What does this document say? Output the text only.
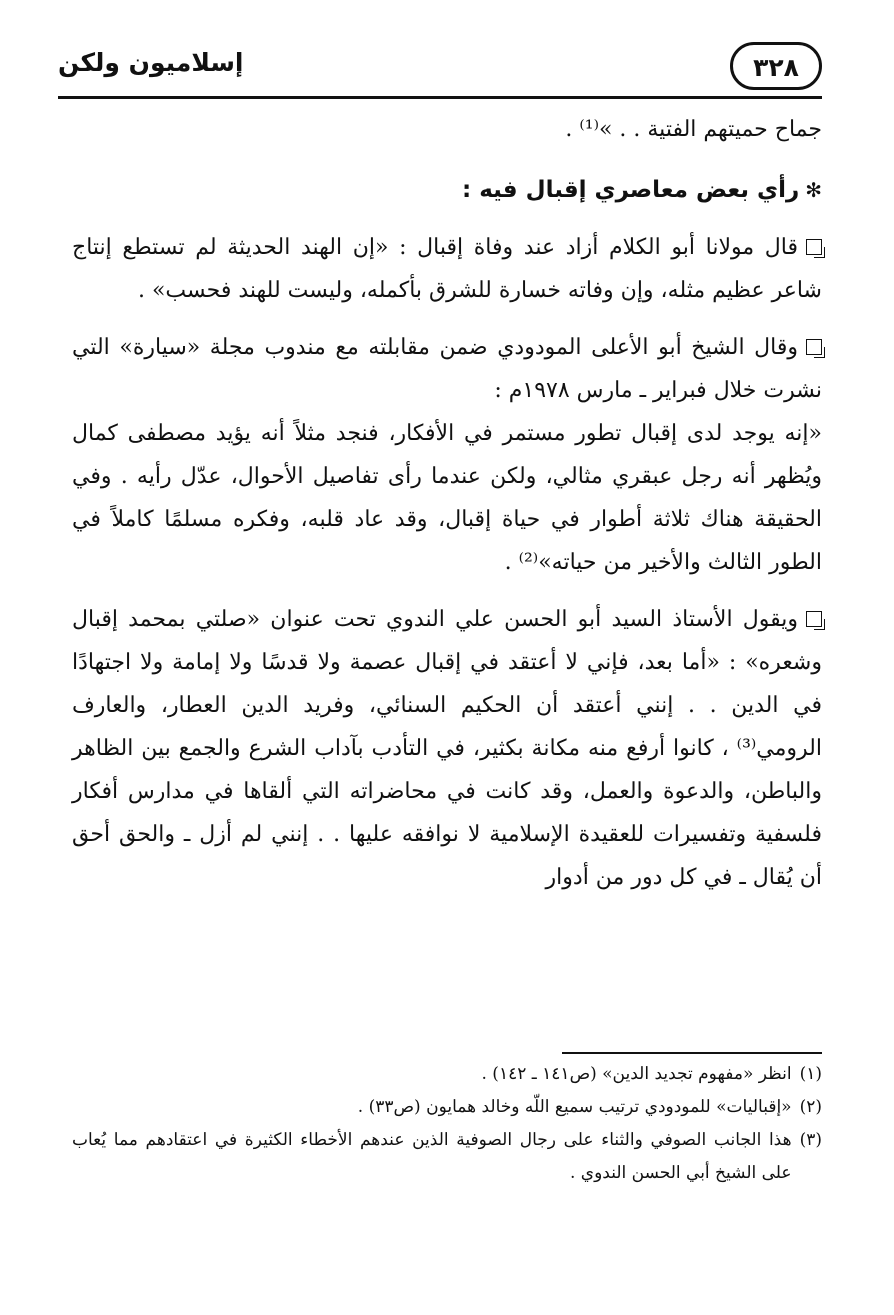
٣٢٨
إسلاميون ولكن

جماح حميتهم الفتية . . »⁽¹⁾ .

✻رأي بعض معاصري إقبال فيه :

قال مولانا أبو الكلام أزاد عند وفاة إقبال : «إن الهند الحديثة لم تستطع إنتاج شاعر عظيم مثله، وإن وفاته خسارة للشرق بأكمله، وليست للهند فحسب» .

وقال الشيخ أبو الأعلى المودودي ضمن مقابلته مع مندوب مجلة «سيارة» التي نشرت خلال فبراير ـ مارس ١٩٧٨م :

«إنه يوجد لدى إقبال تطور مستمر في الأفكار، فنجد مثلاً أنه يؤيد مصطفى كمال ويُظهر أنه رجل عبقري مثالي، ولكن عندما رأى تفاصيل الأحوال، عدّل رأيه . وفي الحقيقة هناك ثلاثة أطوار في حياة إقبال، وقد عاد قلبه، وفكره مسلمًا كاملاً في الطور الثالث والأخير من حياته»⁽²⁾ .

ويقول الأستاذ السيد أبو الحسن علي الندوي تحت عنوان «صلتي بمحمد إقبال وشعره» : «أما بعد، فإني لا أعتقد في إقبال عصمة ولا قدسًا ولا إمامة ولا اجتهادًا في الدين . . إنني أعتقد أن الحكيم السنائي، وفريد الدين العطار، والعارف الرومي⁽³⁾ ، كانوا أرفع منه مكانة بكثير، في التأدب بآداب الشرع والجمع بين الظاهر والباطن، والدعوة والعمل، وقد كانت في محاضراته التي ألقاها في مدارس أفكار فلسفية وتفسيرات للعقيدة الإسلامية لا نوافقه عليها . . إنني لم أزل ـ والحق أحق أن يُقال ـ في كل دور من أدوار

(١)
انظر «مفهوم تجديد الدين» (ص١٤١ ـ ١٤٢) .

(٢)
«إقباليات» للمودودي ترتيب سميع اللّه وخالد همايون (ص٣٣) .

(٣)
هذا الجانب الصوفي والثناء على رجال الصوفية الذين عندهم الأخطاء الكثيرة في اعتقادهم مما يُعاب على الشيخ أبي الحسن الندوي .
